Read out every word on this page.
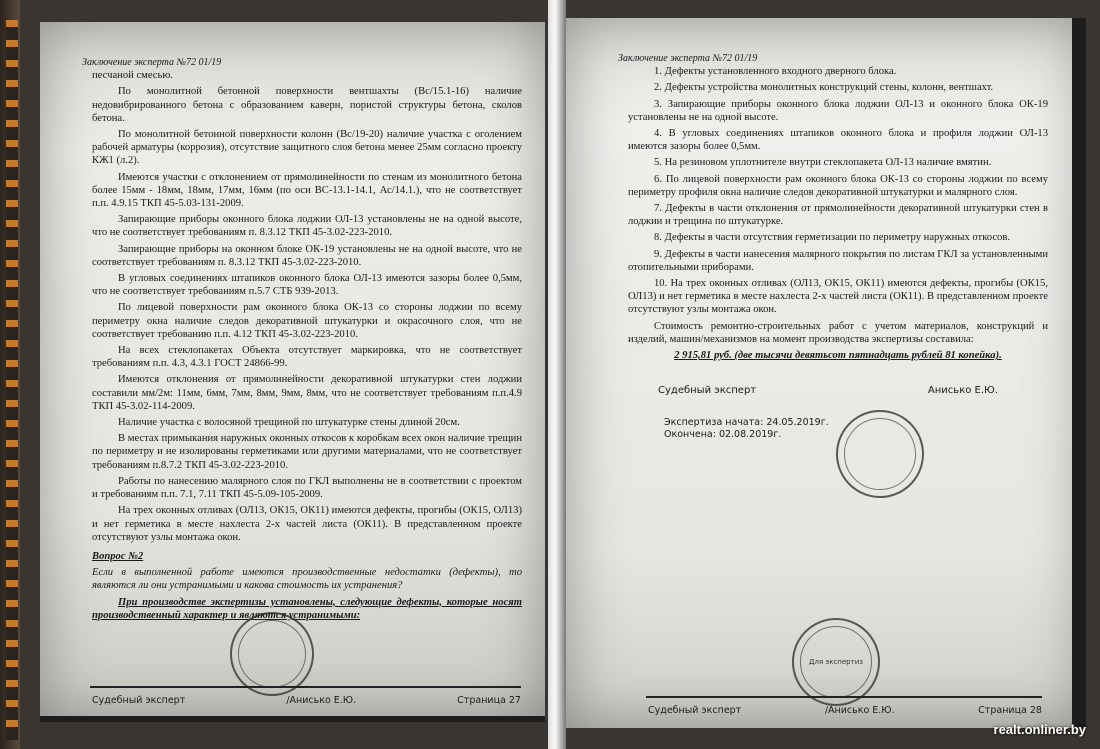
Заключение эксперта №72 01/19

песчаной смесью.

По монолитной бетонной поверхности вентшахты (Вс/15.1-16) наличие недовибрированного бетона с образованием каверн, пористой структуры бетона, сколов бетона.

По монолитной бетонной поверхности колонн (Вс/19-20) наличие участка с оголением рабочей арматуры (коррозия), отсутствие защитного слоя бетона менее 25мм согласно проекту КЖ1 (л.2).

Имеются участки с отклонением от прямолинейности по стенам из монолитного бетона более 15мм - 18мм, 18мм, 17мм, 16мм (по оси ВС-13.1-14.1, Ас/14.1.), что не соответствует п.п. 4.9.15 ТКП 45-5.03-131-2009.

Запирающие приборы оконного блока лоджии ОЛ-13 установлены не на одной высоте, что не соответствует требованиям п. 8.3.12 ТКП 45-3.02-223-2010.

Запирающие приборы на оконном блоке ОК-19 установлены не на одной высоте, что не соответствует требованиям п. 8.3.12 ТКП 45-3.02-223-2010.

В угловых соединениях штапиков оконного блока ОЛ-13 имеются зазоры более 0,5мм, что не соответствует требованиям п.5.7 СТБ 939-2013.

По лицевой поверхности рам оконного блока ОК-13 со стороны лоджии по всему периметру окна наличие следов декоративной штукатурки и окрасочного слоя, что не соответствует требованию п.п. 4.12 ТКП 45-3.02-223-2010.

На всех стеклопакетах Объекта отсутствует маркировка, что не соответствует требованиям п.п. 4.3, 4.3.1 ГОСТ 24866-99.

Имеются отклонения от прямолинейности декоративной штукатурки стен лоджии составили мм/2м: 11мм, 6мм, 7мм, 8мм, 9мм, 8мм, что не соответствует требованиям п.п.4.9 ТКП 45-3.02-114-2009.

Наличие участка с волосяной трещиной по штукатурке стены длиной 20см.

В местах примыкания наружных оконных откосов к коробкам всех окон наличие трещин по периметру и не изолированы герметиками или другими материалами, что не соответствует требованиям п.8.7.2 ТКП 45-3.02-223-2010.

Работы по нанесению малярного слоя по ГКЛ выполнены не в соответствии с проектом и требованиям п.п. 7.1, 7.11 ТКП 45-5.09-105-2009.

На трех оконных отливах (ОЛ13, ОК15, ОК11) имеются дефекты, прогибы (ОК15, ОЛ13) и нет герметика в месте нахлеста 2-х частей листа (ОК11). В представленном проекте отсутствуют узлы монтажа окон.

Вопрос №2

Если в выполненной работе имеются производственные недостатки (дефекты), то являются ли они устранимыми и какова стоимость их устранения?

При производстве экспертизы установлены, следующие дефекты, которые носят производственный характер и являются устранимыми:

Судебный эксперт	/Анисько Е.Ю.	Страница 27
Заключение эксперта №72 01/19

1. Дефекты установленного входного дверного блока.

2. Дефекты устройства монолитных конструкций стены, колонн, вентшахт.

3. Запирающие приборы оконного блока лоджии ОЛ-13 и оконного блока ОК-19 установлены не на одной высоте.

4. В угловых соединениях штапиков оконного блока и профиля лоджии ОЛ-13 имеются зазоры более 0,5мм.

5. На резиновом уплотнителе внутри стеклопакета ОЛ-13 наличие вмятин.

6. По лицевой поверхности рам оконного блока ОК-13 со стороны лоджии по всему периметру профиля окна наличие следов декоративной штукатурки и малярного слоя.

7. Дефекты в части отклонения от прямолинейности декоративной штукатурки стен в лоджии и трещина по штукатурке.

8. Дефекты в части отсутствия герметизации по периметру наружных откосов.

9. Дефекты в части нанесения малярного покрытия по листам ГКЛ за установленными отопительными приборами.

10. На трех оконных отливах (ОЛ13, ОК15, ОК11) имеются дефекты, прогибы (ОК15, ОЛ13) и нет герметика в месте нахлеста 2-х частей листа (ОК11). В представленном проекте отсутствуют узлы монтажа окон.

Стоимость ремонтно-строительных работ с учетом материалов, конструкций и изделий, машин/механизмов на момент производства экспертизы составила:

2 915,81 руб. (две тысячи девятьсот пятнадцать рублей 81 копейка).

Судебный эксперт	Анисько Е.Ю.
Экспертиза начата: 24.05.2019г.
Окончена: 02.08.2019г.
Для экспертиз
Судебный эксперт	/Анисько Е.Ю.	Страница 28
realt.onliner.by
